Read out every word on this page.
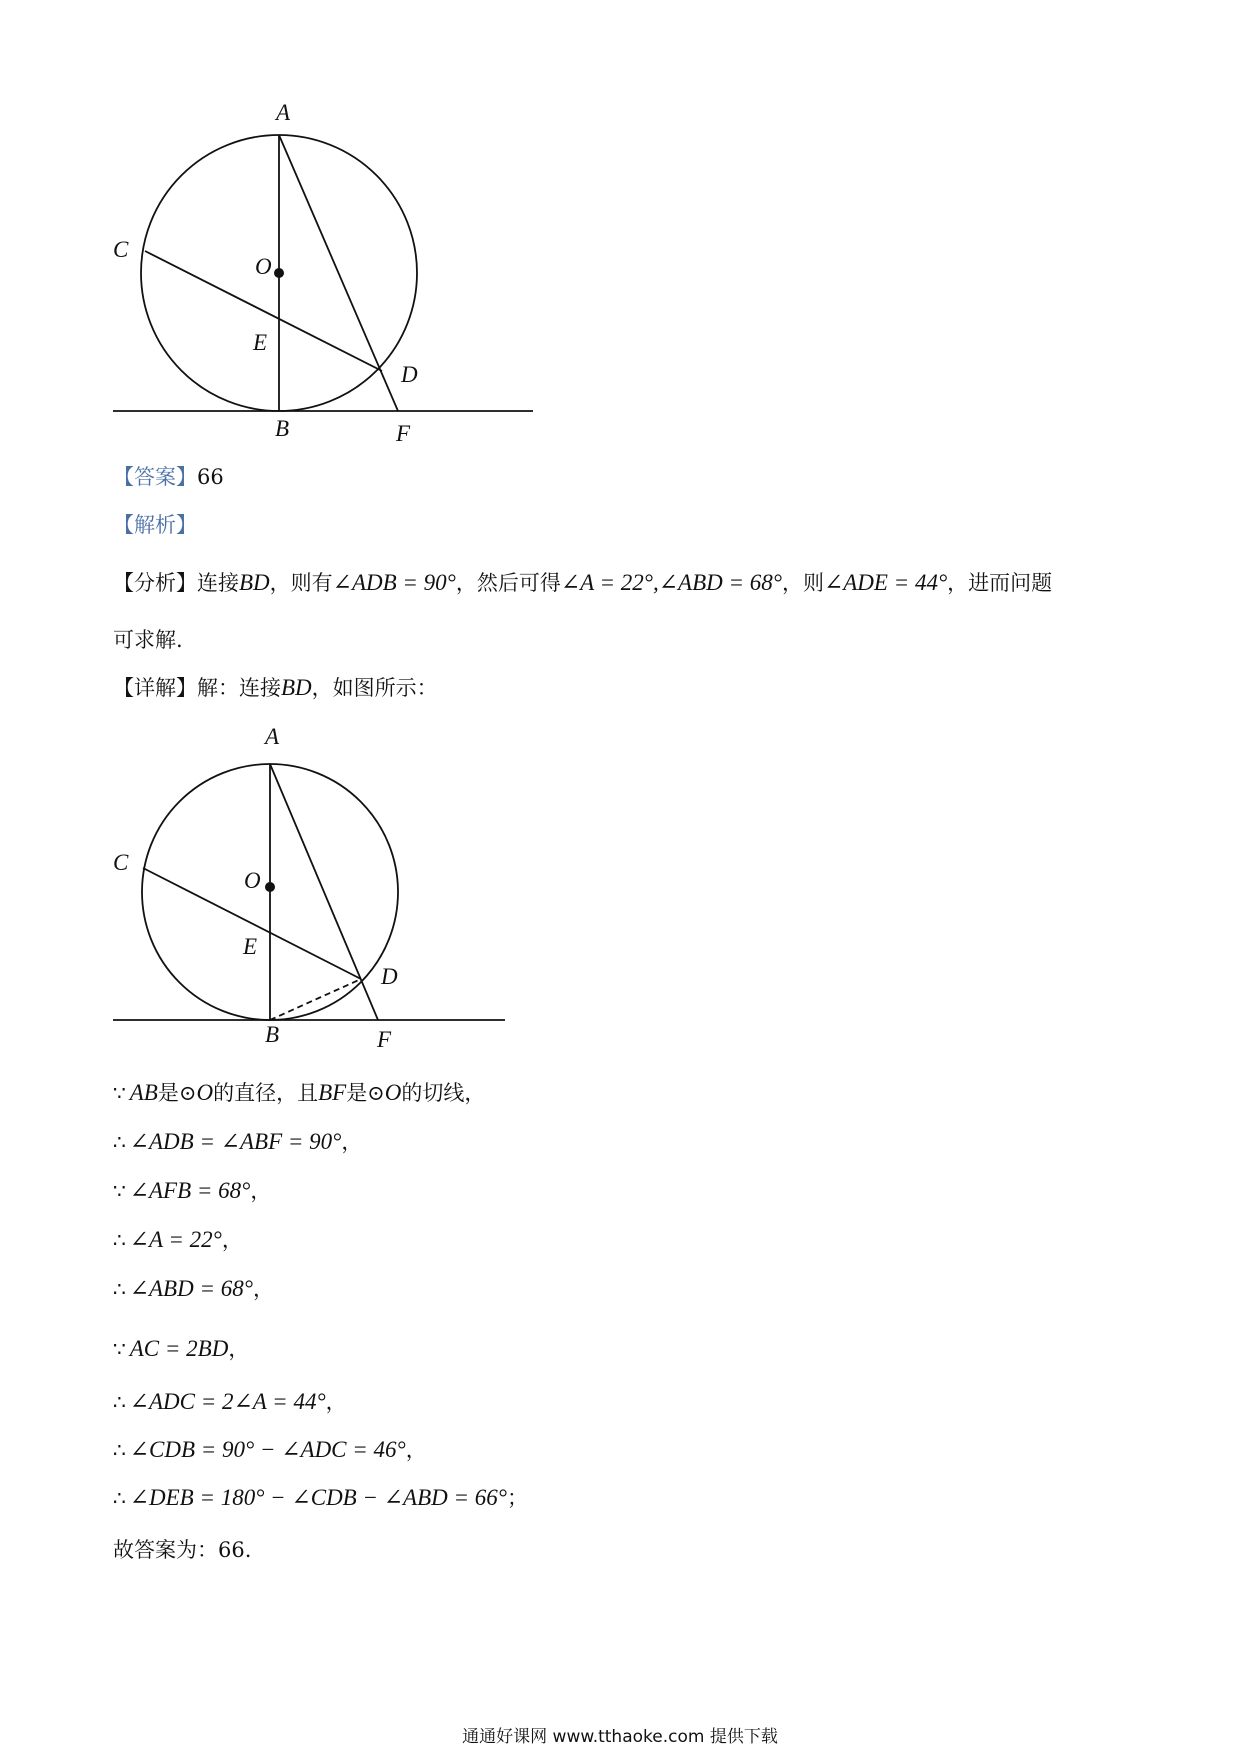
A
O
C
E
D
B	F
【答案】66
【解析】
【分析】连接BD，则有∠ADB = 90°，然后可得∠A = 22°,∠ABD = 68°，则∠ADE = 44°，进而问题
可求解.
【详解】解：连接BD，如图所示：
A
O
C
E
D
B	F
∵ AB是⊙O的直径，且BF是⊙O的切线，
∴ ∠ADB = ∠ABF = 90°，
∵ ∠AFB = 68°，
∴ ∠A = 22°，
∴ ∠ABD = 68°，
∵ AC = 2BD，
∴ ∠ADC = 2∠A = 44°，
∴ ∠CDB = 90° − ∠ADC = 46°，
∴ ∠DEB = 180° − ∠CDB − ∠ABD = 66°；
故答案为：66.
通通好课网 www.tthaoke.com 提供下载
